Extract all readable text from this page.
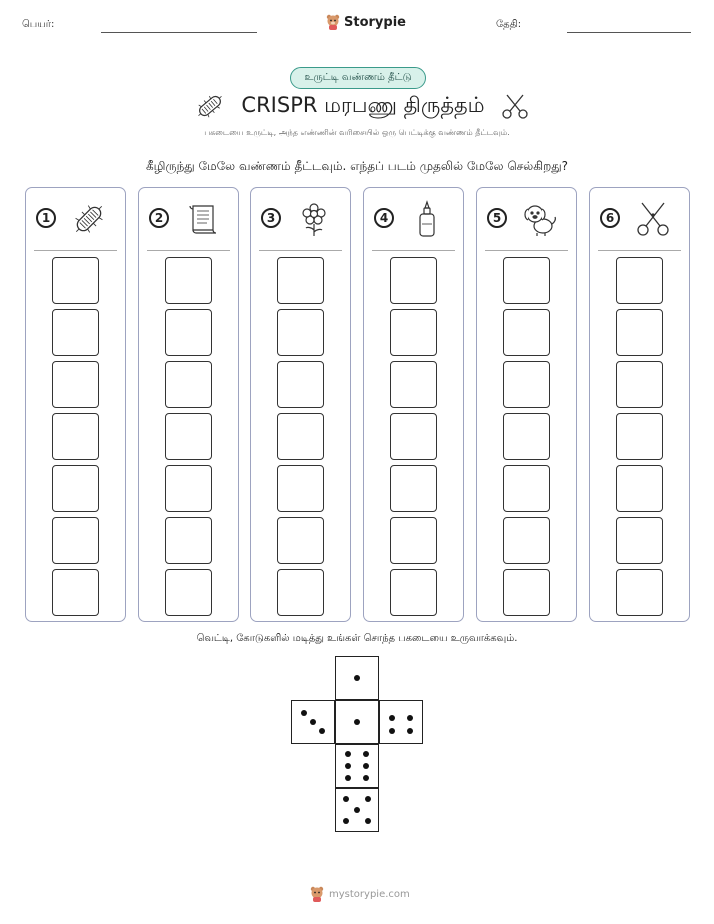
பெயர்:	Storypie	தேதி:
உருட்டி வண்ணம் தீட்டு
CRISPR மரபணு திருத்தம்
பகடையை உருட்டி, அந்த எண்ணின் வரிசையில் ஒரு பெட்டிக்கு வண்ணம் தீட்டவும்.
கீழிருந்து மேலே வண்ணம் தீட்டவும். எந்தப் படம் முதலில் மேலே செல்கிறது?
1	2	3	4	5	6
வெட்டி, கோடுகளில் மடித்து உங்கள் சொந்த பகடையை உருவாக்கவும்.
mystorypie.com
